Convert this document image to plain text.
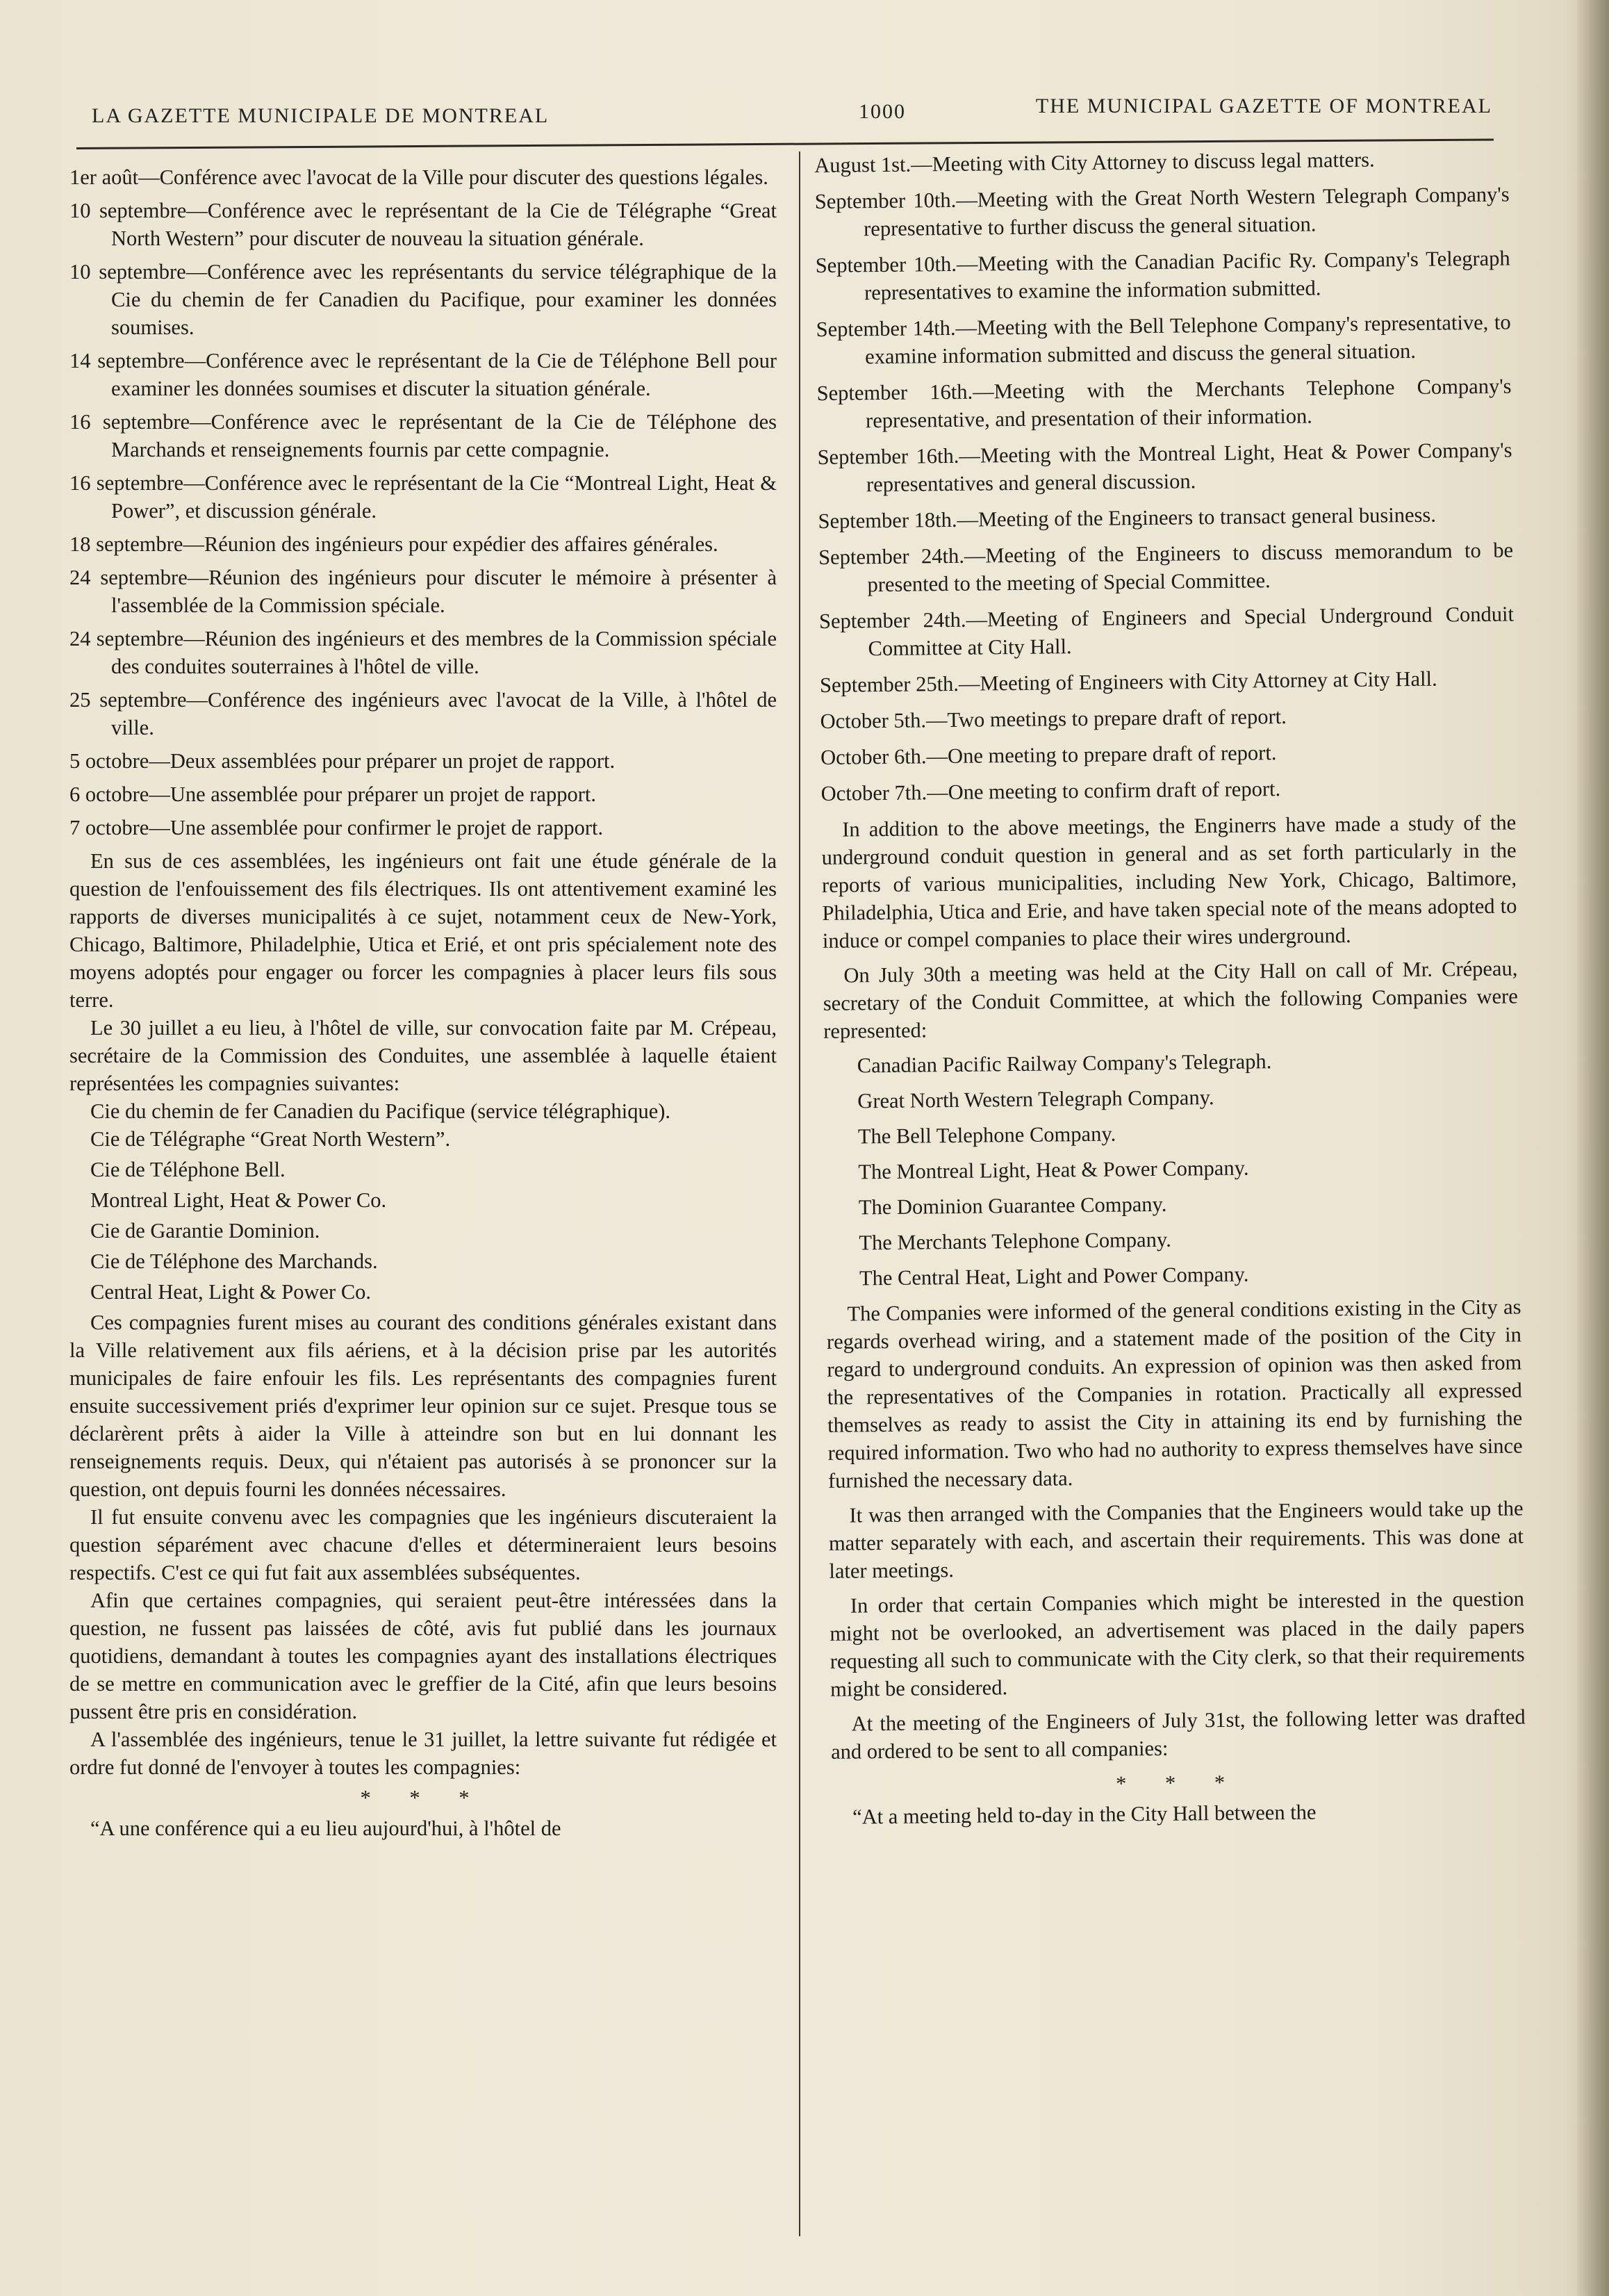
LA GAZETTE MUNICIPALE DE MONTREAL	1000	THE MUNICIPAL GAZETTE OF MONTREAL

1er août—Conférence avec l'avocat de la Ville pour discuter des questions légales.

10 septembre—Conférence avec le représentant de la Cie de Télégraphe “Great North Western” pour discuter de nouveau la situation générale.

10 septembre—Conférence avec les représentants du service télégraphique de la Cie du chemin de fer Canadien du Pacifique, pour examiner les données soumises.

14 septembre—Conférence avec le représentant de la Cie de Téléphone Bell pour examiner les données soumises et discuter la situation générale.

16 septembre—Conférence avec le représentant de la Cie de Téléphone des Marchands et renseignements fournis par cette compagnie.

16 septembre—Conférence avec le représentant de la Cie “Montreal Light, Heat & Power”, et discussion générale.

18 septembre—Réunion des ingénieurs pour expédier des affaires générales.

24 septembre—Réunion des ingénieurs pour discuter le mémoire à présenter à l'assemblée de la Commission spéciale.

24 septembre—Réunion des ingénieurs et des membres de la Commission spéciale des conduites souterraines à l'hôtel de ville.

25 septembre—Conférence des ingénieurs avec l'avocat de la Ville, à l'hôtel de ville.

5 octobre—Deux assemblées pour préparer un projet de rapport.

6 octobre—Une assemblée pour préparer un projet de rapport.

7 octobre—Une assemblée pour confirmer le projet de rapport.

En sus de ces assemblées, les ingénieurs ont fait une étude générale de la question de l'enfouissement des fils électriques. Ils ont attentivement examiné les rapports de diverses municipalités à ce sujet, notamment ceux de New-York, Chicago, Baltimore, Philadelphie, Utica et Erié, et ont pris spécialement note des moyens adoptés pour engager ou forcer les compagnies à placer leurs fils sous terre.

Le 30 juillet a eu lieu, à l'hôtel de ville, sur convocation faite par M. Crépeau, secrétaire de la Commission des Conduites, une assemblée à laquelle étaient représentées les compagnies suivantes:

Cie du chemin de fer Canadien du Pacifique (service télégraphique).

Cie de Télégraphe “Great North Western”.

Cie de Téléphone Bell.

Montreal Light, Heat & Power Co.

Cie de Garantie Dominion.

Cie de Téléphone des Marchands.

Central Heat, Light & Power Co.

Ces compagnies furent mises au courant des conditions générales existant dans la Ville relativement aux fils aériens, et à la décision prise par les autorités municipales de faire enfouir les fils. Les représentants des compagnies furent ensuite successivement priés d'exprimer leur opinion sur ce sujet. Presque tous se déclarèrent prêts à aider la Ville à atteindre son but en lui donnant les renseignements requis. Deux, qui n'étaient pas autorisés à se prononcer sur la question, ont depuis fourni les données nécessaires.

Il fut ensuite convenu avec les compagnies que les ingénieurs discuteraient la question séparément avec chacune d'elles et détermineraient leurs besoins respectifs. C'est ce qui fut fait aux assemblées subséquentes.

Afin que certaines compagnies, qui seraient peut-être intéressées dans la question, ne fussent pas laissées de côté, avis fut publié dans les journaux quotidiens, demandant à toutes les compagnies ayant des installations électriques de se mettre en communication avec le greffier de la Cité, afin que leurs besoins pussent être pris en considération.

A l'assemblée des ingénieurs, tenue le 31 juillet, la lettre suivante fut rédigée et ordre fut donné de l'envoyer à toutes les compagnies:

* * *

“A une conférence qui a eu lieu aujourd'hui, à l'hôtel de

August 1st.—Meeting with City Attorney to discuss legal matters.

September 10th.—Meeting with the Great North Western Telegraph Company's representative to further discuss the general situation.

September 10th.—Meeting with the Canadian Pacific Ry. Company's Telegraph representatives to examine the information submitted.

September 14th.—Meeting with the Bell Telephone Company's representative, to examine information submitted and discuss the general situation.

September 16th.—Meeting with the Merchants Telephone Company's representative, and presentation of their information.

September 16th.—Meeting with the Montreal Light, Heat & Power Company's representatives and general discussion.

September 18th.—Meeting of the Engineers to transact general business.

September 24th.—Meeting of the Engineers to discuss memorandum to be presented to the meeting of Special Committee.

September 24th.—Meeting of Engineers and Special Underground Conduit Committee at City Hall.

September 25th.—Meeting of Engineers with City Attorney at City Hall.

October 5th.—Two meetings to prepare draft of report.

October 6th.—One meeting to prepare draft of report.

October 7th.—One meeting to confirm draft of report.

In addition to the above meetings, the Enginerrs have made a study of the underground conduit question in general and as set forth particularly in the reports of various municipalities, including New York, Chicago, Baltimore, Philadelphia, Utica and Erie, and have taken special note of the means adopted to induce or compel companies to place their wires underground.

On July 30th a meeting was held at the City Hall on call of Mr. Crépeau, secretary of the Conduit Committee, at which the following Companies were represented:

Canadian Pacific Railway Company's Telegraph.

Great North Western Telegraph Company.

The Bell Telephone Company.

The Montreal Light, Heat & Power Company.

The Dominion Guarantee Company.

The Merchants Telephone Company.

The Central Heat, Light and Power Company.

The Companies were informed of the general conditions existing in the City as regards overhead wiring, and a statement made of the position of the City in regard to underground conduits. An expression of opinion was then asked from the representatives of the Companies in rotation. Practically all expressed themselves as ready to assist the City in attaining its end by furnishing the required information. Two who had no authority to express themselves have since furnished the necessary data.

It was then arranged with the Companies that the Engineers would take up the matter separately with each, and ascertain their requirements. This was done at later meetings.

In order that certain Companies which might be interested in the question might not be overlooked, an advertisement was placed in the daily papers requesting all such to communicate with the City clerk, so that their requirements might be considered.

At the meeting of the Engineers of July 31st, the following letter was drafted and ordered to be sent to all companies:

* * *

“At a meeting held to-day in the City Hall between the
